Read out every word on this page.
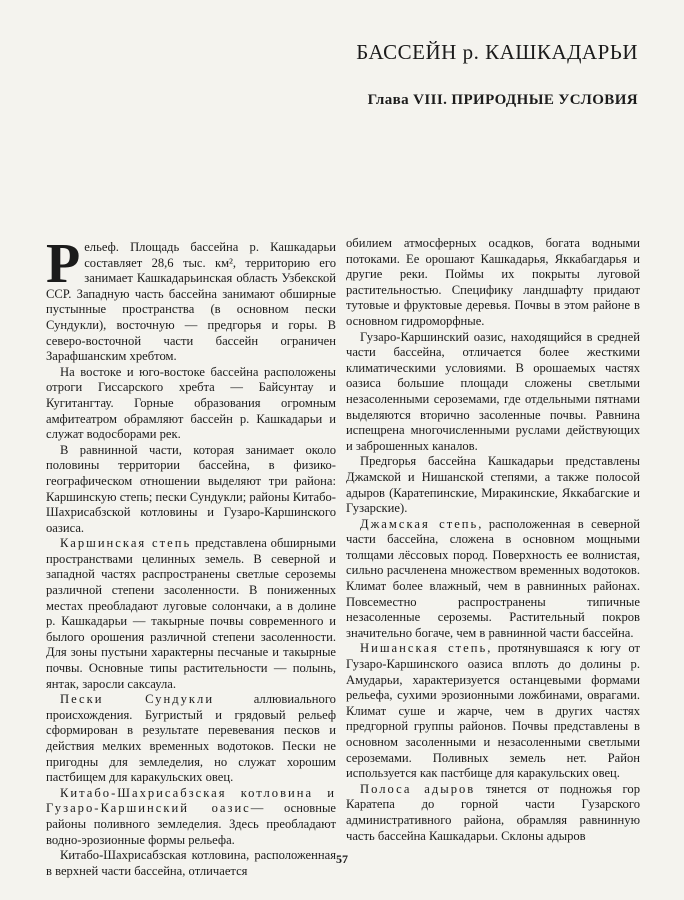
БАССЕЙН р. КАШКАДАРЬИ
Глава VIII. ПРИРОДНЫЕ УСЛОВИЯ

Рельеф. Площадь бассейна р. Кашкадарьи составляет 28,6 тыс. км², территорию его занимает Кашкадарьинская область Узбекской ССР. Западную часть бассейна занимают обширные пустынные пространства (в основном пески Сундукли), восточную — предгорья и горы. В северо-восточной части бассейн ограничен Зарафшанским хребтом.

На востоке и юго-востоке бассейна расположены отроги Гиссарского хребта — Байсунтау и Кугитангтау. Горные образования огромным амфитеатром обрамляют бассейн р. Кашкадарьи и служат водосборами рек.

В равнинной части, которая занимает около половины территории бассейна, в физико-географическом отношении выделяют три района: Каршинскую степь; пески Сундукли; районы Китабо-Шахрисабзской котловины и Гузаро-Каршинского оазиса.

Каршинская степь представлена обширными пространствами целинных земель. В северной и западной частях распространены светлые сероземы различной степени засоленности. В пониженных местах преобладают луговые солончаки, а в долине р. Кашкадарьи — такырные почвы современного и былого орошения различной степени засоленности. Для зоны пустыни характерны песчаные и такырные почвы. Основные типы растительности — полынь, янтак, заросли саксаула.

Пески Сундукли аллювиального происхождения. Бугристый и грядовый рельеф сформирован в результате перевевания песков и действия мелких временных водотоков. Пески не пригодны для земледелия, но служат хорошим пастбищем для каракульских овец.

Китабо-Шахрисабзская котловина и Гузаро-Каршинский оазис— основные районы поливного земледелия. Здесь преобладают водно-эрозионные формы рельефа.

Китабо-Шахрисабзская котловина, расположенная в верхней части бассейна, отличается

обилием атмосферных осадков, богата водными потоками. Ее орошают Кашкадарья, Яккабагдарья и другие реки. Поймы их покрыты луговой растительностью. Специфику ландшафту придают тутовые и фруктовые деревья. Почвы в этом районе в основном гидроморфные.

Гузаро-Каршинский оазис, находящийся в средней части бассейна, отличается более жесткими климатическими условиями. В орошаемых частях оазиса большие площади сложены светлыми незасоленными сероземами, где отдельными пятнами выделяются вторично засоленные почвы. Равнина испещрена многочисленными руслами действующих и заброшенных каналов.

Предгорья бассейна Кашкадарьи представлены Джамской и Нишанской степями, а также полосой адыров (Каратепинские, Миракинские, Яккабагские и Гузарские).

Джамская степь, расположенная в северной части бассейна, сложена в основном мощными толщами лёссовых пород. Поверхность ее волнистая, сильно расчленена множеством временных водотоков. Климат более влажный, чем в равнинных районах. Повсеместно распространены типичные незасоленные сероземы. Растительный покров значительно богаче, чем в равнинной части бассейна.

Нишанская степь, протянувшаяся к югу от Гузаро-Каршинского оазиса вплоть до долины р. Амударьи, характеризуется останцевыми формами рельефа, сухими эрозионными ложбинами, оврагами. Климат суше и жарче, чем в других частях предгорной группы районов. Почвы представлены в основном засоленными и незасоленными светлыми сероземами. Поливных земель нет. Район используется как пастбище для каракульских овец.

Полоса адыров тянется от подножья гор Каратепа до горной части Гузарского административного района, обрамляя равнинную часть бассейна Кашкадарьи. Склоны адыров

57
